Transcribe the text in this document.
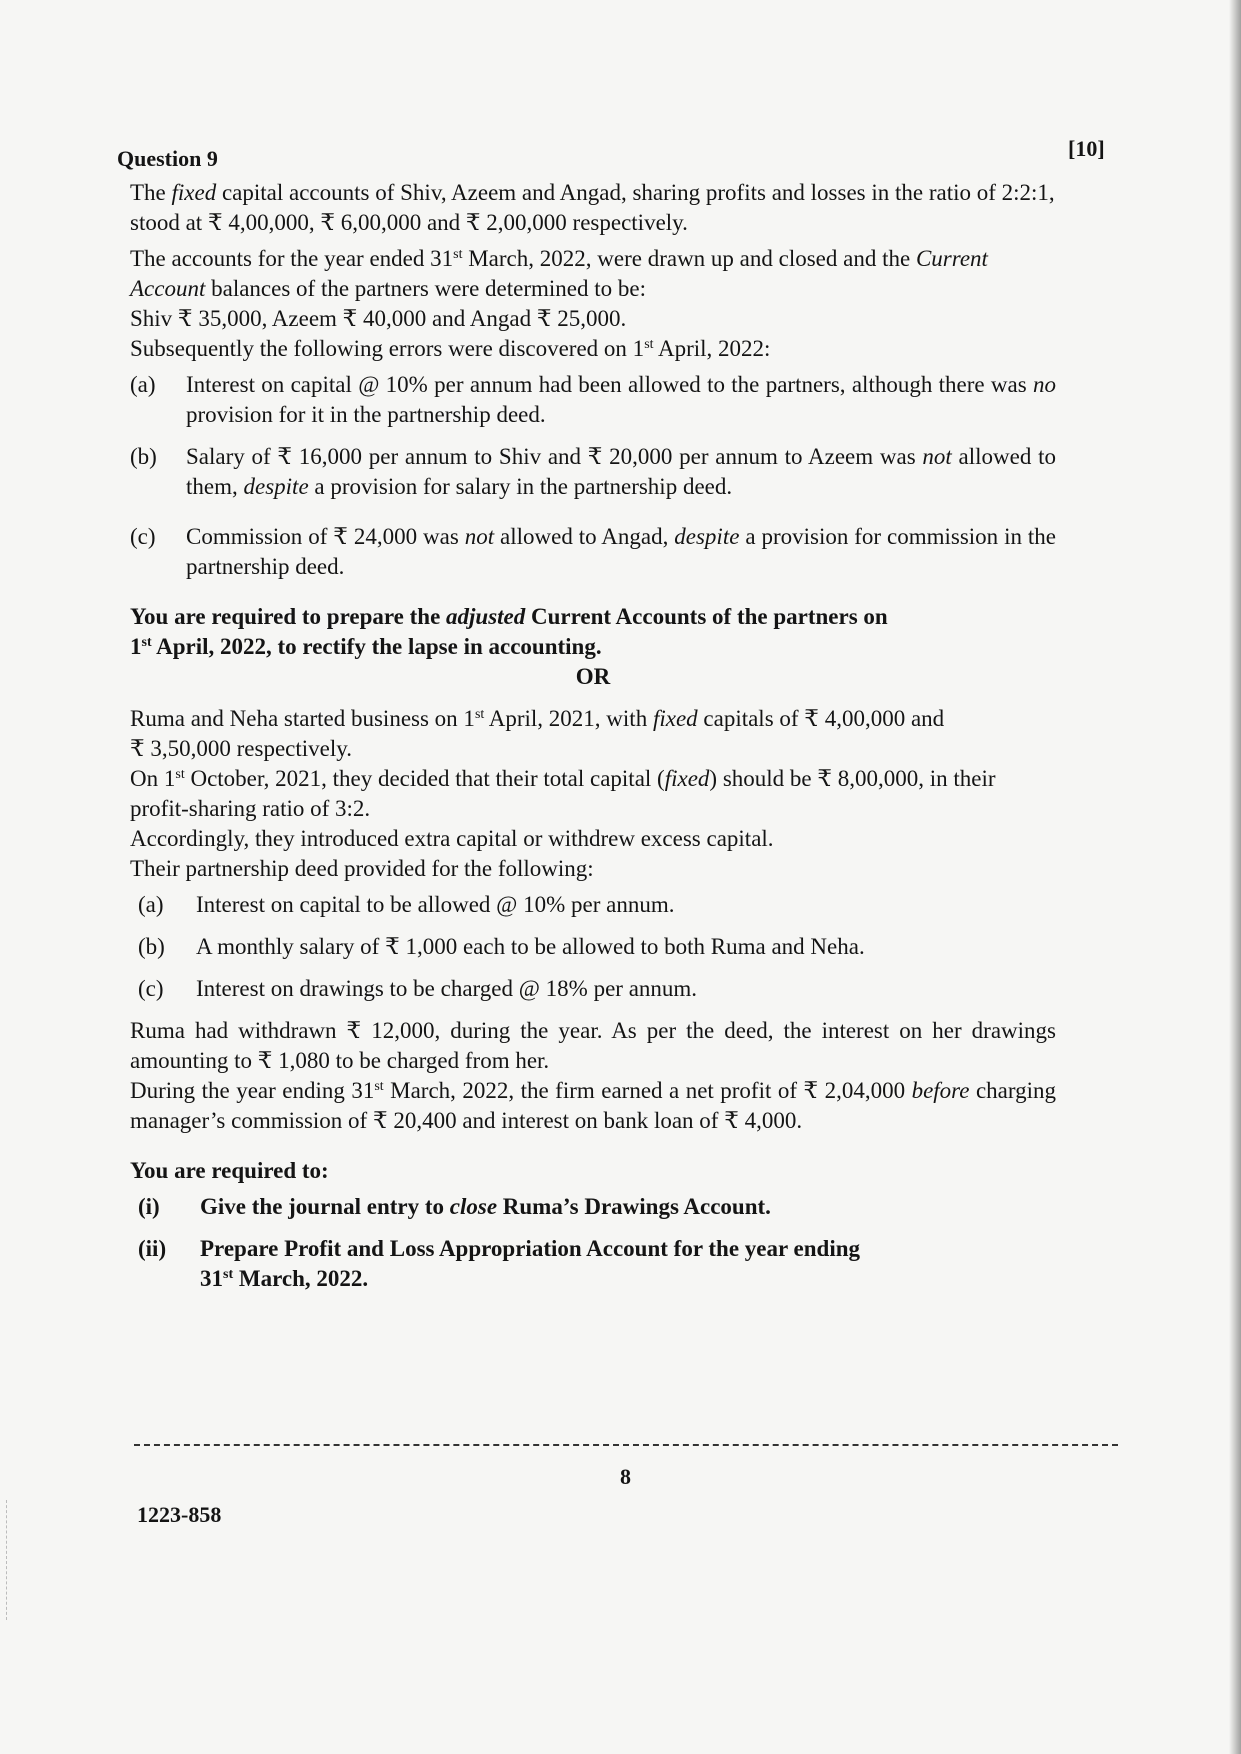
Question 9	[10]

The fixed capital accounts of Shiv, Azeem and Angad, sharing profits and losses in the ratio of 2:2:1, stood at ₹ 4,00,000, ₹ 6,00,000 and ₹ 2,00,000 respectively.

The accounts for the year ended 31st March, 2022, were drawn up and closed and the Current Account balances of the partners were determined to be:

Shiv ₹ 35,000, Azeem ₹ 40,000 and Angad ₹ 25,000.

Subsequently the following errors were discovered on 1st April, 2022:

(a)	Interest on capital @ 10% per annum had been allowed to the partners, although there was no provision for it in the partnership deed.
(b)	Salary of ₹ 16,000 per annum to Shiv and ₹ 20,000 per annum to Azeem was not allowed to them, despite a provision for salary in the partnership deed.
(c)	Commission of ₹ 24,000 was not allowed to Angad, despite a provision for commission in the partnership deed.

You are required to prepare the adjusted Current Accounts of the partners on
1st April, 2022, to rectify the lapse in accounting.

OR

Ruma and Neha started business on 1st April, 2021, with fixed capitals of ₹ 4,00,000 and
₹ 3,50,000 respectively.

On 1st October, 2021, they decided that their total capital (fixed) should be ₹ 8,00,000, in their profit-sharing ratio of 3:2.

Accordingly, they introduced extra capital or withdrew excess capital.

Their partnership deed provided for the following:

(a)	Interest on capital to be allowed @ 10% per annum.
(b)	A monthly salary of ₹ 1,000 each to be allowed to both Ruma and Neha.
(c)	Interest on drawings to be charged @ 18% per annum.

Ruma had withdrawn ₹ 12,000, during the year. As per the deed, the interest on her drawings amounting to ₹ 1,080 to be charged from her.

During the year ending 31st March, 2022, the firm earned a net profit of ₹ 2,04,000 before charging manager’s commission of ₹ 20,400 and interest on bank loan of ₹ 4,000.

You are required to:

(i)	Give the journal entry to close Ruma’s Drawings Account.
(ii)	Prepare Profit and Loss Appropriation Account for the year ending
31st March, 2022.
8
1223-858
